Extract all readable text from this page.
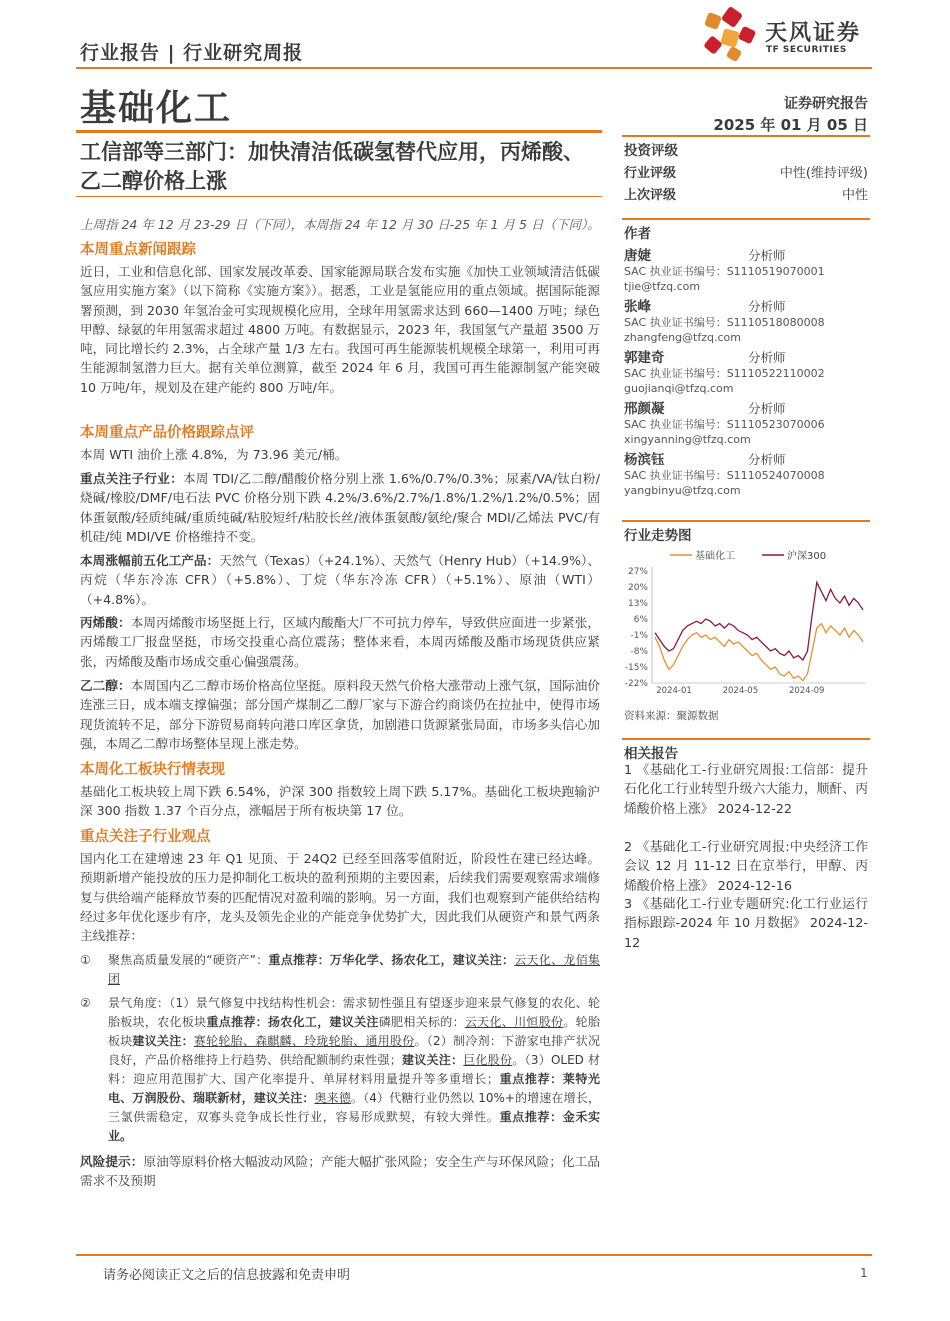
行业报告 | 行业研究周报
天风证券
TF SECURITIES
基础化工	证券研究报告
2025 年 01 月 05 日
工信部等三部门：加快清洁低碳氢替代应用，丙烯酸、乙二醇价格上涨
上周指 24 年 12 月 23-29 日（下同），本周指 24 年 12 月 30 日-25 年 1 月 5 日（下同）。
本周重点新闻跟踪
近日，工业和信息化部、国家发展改革委、国家能源局联合发布实施《加快工业领域清洁低碳氢应用实施方案》（以下简称《实施方案》）。据悉，工业是氢能应用的重点领域。据国际能源署预测，到 2030 年氢冶金可实现规模化应用，全球年用氢需求达到 660—1400 万吨；绿色甲醇、绿氨的年用氢需求超过 4800 万吨。有数据显示，2023 年，我国氢气产量超 3500 万吨，同比增长约 2.3%，占全球产量 1/3 左右。我国可再生能源装机规模全球第一，利用可再生能源制氢潜力巨大。据有关单位测算，截至 2024 年 6 月，我国可再生能源制氢产能突破 10 万吨/年，规划及在建产能约 800 万吨/年。
本周重点产品价格跟踪点评
本周 WTI 油价上涨 4.8%，为 73.96 美元/桶。
重点关注子行业：本周 TDI/乙二醇/醋酸价格分别上涨 1.6%/0.7%/0.3%；尿素/VA/钛白粉/烧碱/橡胶/DMF/电石法 PVC 价格分别下跌 4.2%/3.6%/2.7%/1.8%/1.2%/1.2%/0.5%；固体蛋氨酸/轻质纯碱/重质纯碱/粘胶短纤/粘胶长丝/液体蛋氨酸/氨纶/聚合 MDI/乙烯法 PVC/有机硅/纯 MDI/VE 价格维持不变。
本周涨幅前五化工产品：天然气（Texas）（+24.1%）、天然气（Henry Hub）（+14.9%）、丙烷（华东冷冻 CFR）（+5.8%）、丁烷（华东冷冻 CFR）（+5.1%）、原油（WTI）（+4.8%）。
丙烯酸：本周丙烯酸市场坚挺上行，区域内酸酯大厂不可抗力停车，导致供应面进一步紧张，丙烯酸工厂报盘坚挺，市场交投重心高位震荡；整体来看，本周丙烯酸及酯市场现货供应紧张，丙烯酸及酯市场成交重心偏强震荡。
乙二醇：本周国内乙二醇市场价格高位坚挺。原料段天然气价格大涨带动上涨气氛，国际油价连涨三日，成本端支撑偏强；部分国产煤制乙二醇厂家与下游合约商谈仍在拉扯中，使得市场现货流转不足，部分下游贸易商转向港口库区拿货，加剧港口货源紧张局面，市场多头信心加强，本周乙二醇市场整体呈现上涨走势。
本周化工板块行情表现
基础化工板块较上周下跌 6.54%，沪深 300 指数较上周下跌 5.17%。基础化工板块跑输沪深 300 指数 1.37 个百分点，涨幅居于所有板块第 17 位。
重点关注子行业观点
国内化工在建增速 23 年 Q1 见顶、于 24Q2 已经至回落零值附近，阶段性在建已经达峰。预期新增产能投放的压力是抑制化工板块的盈利预期的主要因素，后续我们需要观察需求端修复与供给端产能释放节奏的匹配情况对盈利端的影响。另一方面，我们也观察到产能供给结构经过多年优化逐步有序，龙头及领先企业的产能竞争优势扩大，因此我们从硬资产和景气两条主线推荐：
① 聚焦高质量发展的“硬资产”：重点推荐：万华化学、扬农化工，建议关注：云天化、龙佰集团
② 景气角度：（1）景气修复中找结构性机会：需求韧性强且有望逐步迎来景气修复的农化、轮胎板块，农化板块重点推荐：扬农化工，建议关注磷肥相关标的：云天化、川恒股份。轮胎板块建议关注：赛轮轮胎、森麒麟、玲珑轮胎、通用股份。（2）制冷剂：下游家电排产状况良好，产品价格维持上行趋势、供给配额制约束性强；建议关注：巨化股份。（3）OLED 材料：迎应用范围扩大、国产化率提升、单屏材料用量提升等多重增长；重点推荐：莱特光电、万润股份、瑞联新材，建议关注：奥来德。（4）代糖行业仍然以 10%+的增速在增长，三氯供需稳定，双寡头竞争成长性行业，容易形成默契，有较大弹性。重点推荐：金禾实业。
风险提示：原油等原料价格大幅波动风险；产能大幅扩张风险；安全生产与环保风险；化工品需求不及预期
投资评级
行业评级	中性(维持评级)
上次评级	中性
作者
唐婕	分析师
SAC 执业证书编号：S1110519070001
tjie@tfzq.com
张峰	分析师
SAC 执业证书编号：S1110518080008
zhangfeng@tfzq.com
郭建奇	分析师
SAC 执业证书编号：S1110522110002
guojianqi@tfzq.com
邢颜凝	分析师
SAC 执业证书编号：S1110523070006
xingyanning@tfzq.com
杨滨钰	分析师
SAC 执业证书编号：S1110524070008
yangbinyu@tfzq.com
行业走势图
基础化工	沪深300
27%
20%
13%
6%
-1%
-8%
-15%
-22%
2024-01	2024-05	2024-09
资料来源：聚源数据
相关报告
1 《基础化工-行业研究周报:工信部：提升石化化工行业转型升级六大能力，顺酐、丙烯酸价格上涨》 2024-12-22
2 《基础化工-行业研究周报:中央经济工作会议 12 月 11-12 日在京举行，甲醇、丙烯酸价格上涨》 2024-12-16
3 《基础化工-行业专题研究:化工行业运行指标跟踪-2024 年 10 月数据》 2024-12-12
请务必阅读正文之后的信息披露和免责申明	1
